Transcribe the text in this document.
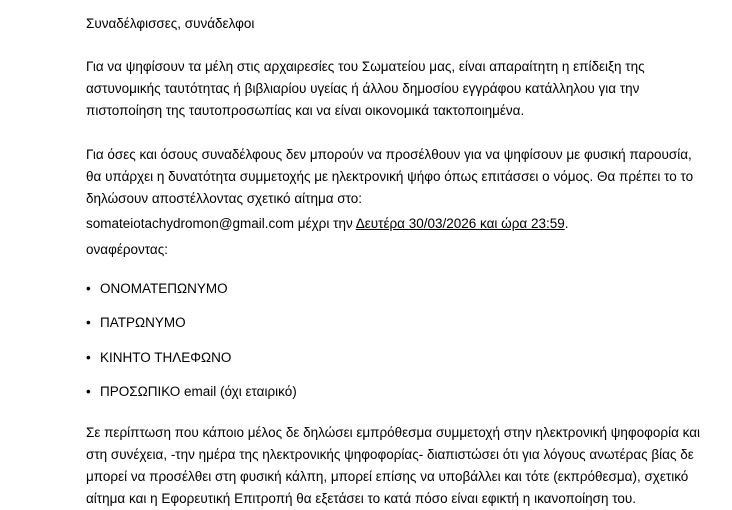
Συναδέλφισσες, συνάδελφοι

Για να ψηφίσουν τα μέλη στις αρχαιρεσίες του Σωματείου μας, είναι απαραίτητη η επίδειξη της αστυνομικής ταυτότητας ή βιβλιαρίου υγείας ή άλλου δημοσίου εγγράφου κατάλληλου για την πιστοποίηση της ταυτοπροσωπίας και να είναι οικονομικά τακτοποιημένα.

Για όσες και όσους συναδέλφους δεν μπορούν να προσέλθουν για να ψηφίσουν με φυσική παρουσία, θα υπάρχει η δυνατότητα συμμετοχής με ηλεκτρονική ψήφο όπως επιτάσσει ο νόμος. Θα πρέπει το το δηλώσουν αποστέλλοντας σχετικό αίτημα στο:

somateiotachydromon@gmail.com μέχρι την Δευτέρα 30/03/2026 και ώρα 23:59.

οναφέροντας:

• ΟΝΟΜΑΤΕΠΩΝΥΜΟ
• ΠΑΤΡΩΝΥΜΟ
• ΚΙΝΗΤΟ ΤΗΛΕΦΩΝΟ
• ΠΡΟΣΩΠΙΚΟ email (όχι εταιρικό)

Σε περίπτωση που κάποιο μέλος δε δηλώσει εμπρόθεσμα συμμετοχή στην ηλεκτρονική ψηφοφορία και στη συνέχεια, -την ημέρα της ηλεκτρονικής ψηφοφορίας- διαπιστώσει ότι για λόγους ανωτέρας βίας δε μπορεί να προσέλθει στη φυσική κάλπη, μπορεί επίσης να υποβάλλει και τότε (εκπρόθεσμα), σχετικό αίτημα και η Εφορευτική Επιτροπή θα εξετάσει το κατά πόσο είναι εφικτή η ικανοποίηση του.
